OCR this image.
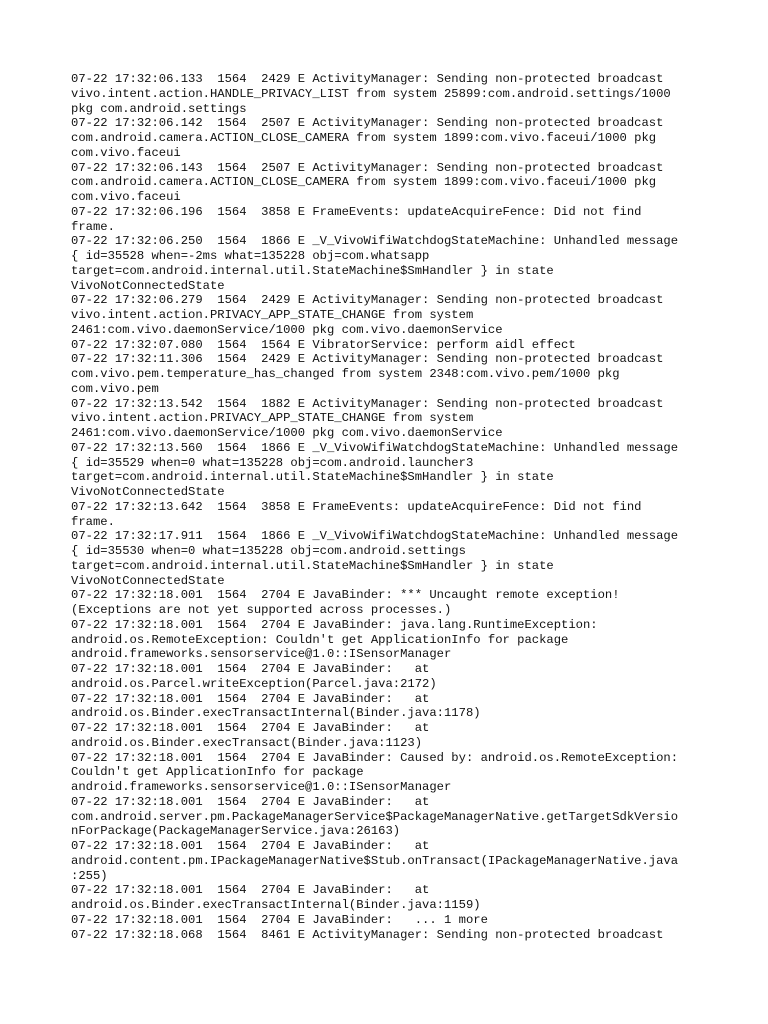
07-22 17:32:06.133  1564  2429 E ActivityManager: Sending non-protected broadcast

vivo.intent.action.HANDLE_PRIVACY_LIST from system 25899:com.android.settings/1000

pkg com.android.settings

07-22 17:32:06.142  1564  2507 E ActivityManager: Sending non-protected broadcast

com.android.camera.ACTION_CLOSE_CAMERA from system 1899:com.vivo.faceui/1000 pkg

com.vivo.faceui

07-22 17:32:06.143  1564  2507 E ActivityManager: Sending non-protected broadcast

com.android.camera.ACTION_CLOSE_CAMERA from system 1899:com.vivo.faceui/1000 pkg

com.vivo.faceui

07-22 17:32:06.196  1564  3858 E FrameEvents: updateAcquireFence: Did not find

frame.

07-22 17:32:06.250  1564  1866 E _V_VivoWifiWatchdogStateMachine: Unhandled message

{ id=35528 when=-2ms what=135228 obj=com.whatsapp

target=com.android.internal.util.StateMachine$SmHandler } in state

VivoNotConnectedState

07-22 17:32:06.279  1564  2429 E ActivityManager: Sending non-protected broadcast

vivo.intent.action.PRIVACY_APP_STATE_CHANGE from system

2461:com.vivo.daemonService/1000 pkg com.vivo.daemonService

07-22 17:32:07.080  1564  1564 E VibratorService: perform aidl effect

07-22 17:32:11.306  1564  2429 E ActivityManager: Sending non-protected broadcast

com.vivo.pem.temperature_has_changed from system 2348:com.vivo.pem/1000 pkg

com.vivo.pem

07-22 17:32:13.542  1564  1882 E ActivityManager: Sending non-protected broadcast

vivo.intent.action.PRIVACY_APP_STATE_CHANGE from system

2461:com.vivo.daemonService/1000 pkg com.vivo.daemonService

07-22 17:32:13.560  1564  1866 E _V_VivoWifiWatchdogStateMachine: Unhandled message

{ id=35529 when=0 what=135228 obj=com.android.launcher3

target=com.android.internal.util.StateMachine$SmHandler } in state

VivoNotConnectedState

07-22 17:32:13.642  1564  3858 E FrameEvents: updateAcquireFence: Did not find

frame.

07-22 17:32:17.911  1564  1866 E _V_VivoWifiWatchdogStateMachine: Unhandled message

{ id=35530 when=0 what=135228 obj=com.android.settings

target=com.android.internal.util.StateMachine$SmHandler } in state

VivoNotConnectedState

07-22 17:32:18.001  1564  2704 E JavaBinder: *** Uncaught remote exception!

(Exceptions are not yet supported across processes.)

07-22 17:32:18.001  1564  2704 E JavaBinder: java.lang.RuntimeException:

android.os.RemoteException: Couldn't get ApplicationInfo for package

android.frameworks.sensorservice@1.0::ISensorManager

07-22 17:32:18.001  1564  2704 E JavaBinder:   at

android.os.Parcel.writeException(Parcel.java:2172)

07-22 17:32:18.001  1564  2704 E JavaBinder:   at

android.os.Binder.execTransactInternal(Binder.java:1178)

07-22 17:32:18.001  1564  2704 E JavaBinder:   at

android.os.Binder.execTransact(Binder.java:1123)

07-22 17:32:18.001  1564  2704 E JavaBinder: Caused by: android.os.RemoteException:

Couldn't get ApplicationInfo for package

android.frameworks.sensorservice@1.0::ISensorManager

07-22 17:32:18.001  1564  2704 E JavaBinder:   at

com.android.server.pm.PackageManagerService$PackageManagerNative.getTargetSdkVersio

nForPackage(PackageManagerService.java:26163)

07-22 17:32:18.001  1564  2704 E JavaBinder:   at

android.content.pm.IPackageManagerNative$Stub.onTransact(IPackageManagerNative.java

:255)

07-22 17:32:18.001  1564  2704 E JavaBinder:   at

android.os.Binder.execTransactInternal(Binder.java:1159)

07-22 17:32:18.001  1564  2704 E JavaBinder:   ... 1 more

07-22 17:32:18.068  1564  8461 E ActivityManager: Sending non-protected broadcast
